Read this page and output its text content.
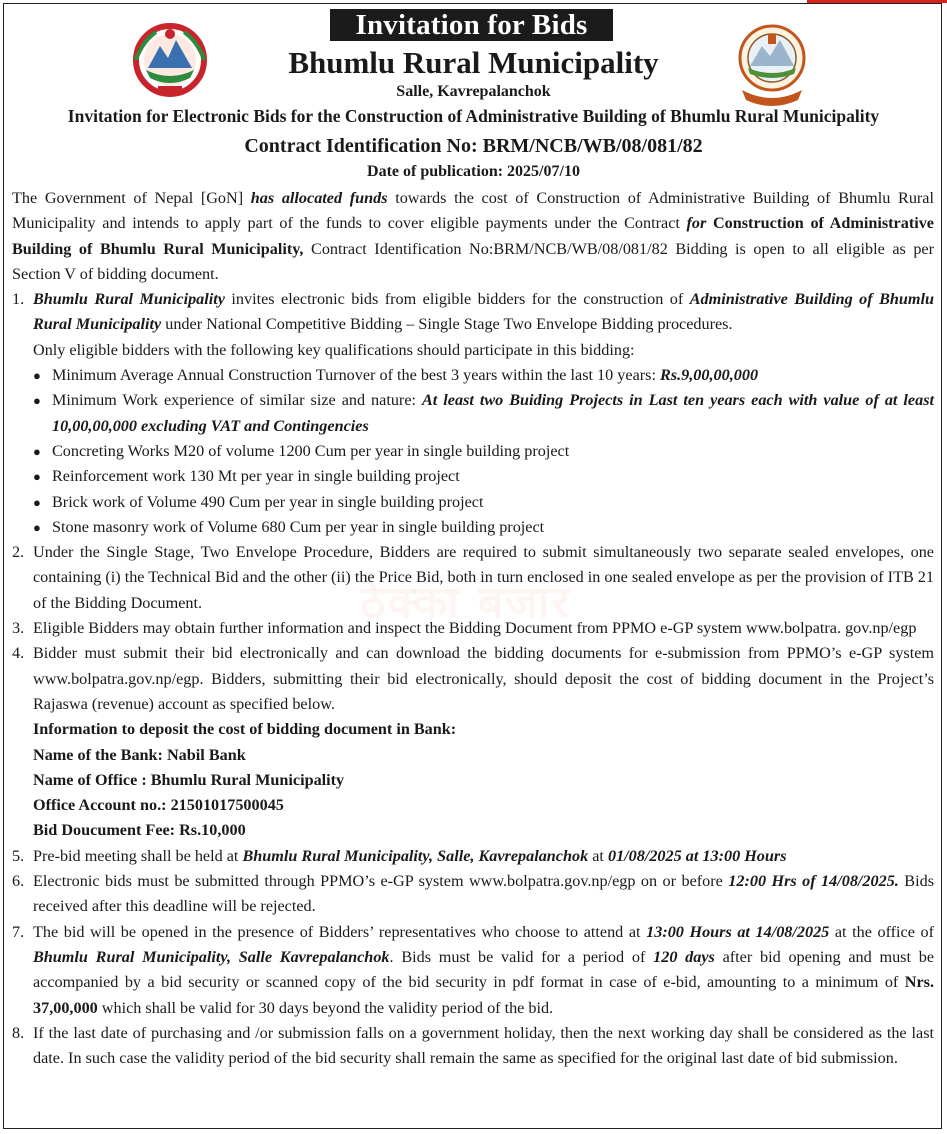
Invitation for Bids
Bhumlu Rural Municipality
Salle, Kavrepalanchok
Invitation for Electronic Bids for the Construction of Administrative Building of Bhumlu Rural Municipality
Contract Identification No: BRM/NCB/WB/08/081/82
Date of publication: 2025/07/10
ठेक्का बजार

The Government of Nepal [GoN] has allocated funds towards the cost of Construction of Administrative Building of Bhumlu Rural Municipality and intends to apply part of the funds to cover eligible payments under the Contract for Construction of Administrative Building of Bhumlu Rural Municipality, Contract Identification No:BRM/NCB/WB/08/081/82 Bidding is open to all eligible as per Section V of bidding document.

1. Bhumlu Rural Municipality invites electronic bids from eligible bidders for the construction of Administrative Building of Bhumlu Rural Municipality under National Competitive Bidding – Single Stage Two Envelope Bidding procedures.

Only eligible bidders with the following key qualifications should participate in this bidding:

● Minimum Average Annual Construction Turnover of the best 3 years within the last 10 years: Rs.9,00,00,000
● Minimum Work experience of similar size and nature: At least two Buiding Projects in Last ten years each with value of at least 10,00,00,000 excluding VAT and Contingencies
● Concreting Works M20 of volume 1200 Cum per year in single building project
● Reinforcement work 130 Mt per year in single building project
● Brick work of Volume 490 Cum per year in single building project
● Stone masonry work of Volume 680 Cum per year in single building project
2. Under the Single Stage, Two Envelope Procedure, Bidders are required to submit simultaneously two separate sealed envelopes, one containing (i) the Technical Bid and the other (ii) the Price Bid, both in turn enclosed in one sealed envelope as per the provision of ITB 21 of the Bidding Document.
3. Eligible Bidders may obtain further information and inspect the Bidding Document from PPMO e-GP system www.bolpatra. gov.np/egp
4. Bidder must submit their bid electronically and can download the bidding documents for e-submission from PPMO’s e-GP system www.bolpatra.gov.np/egp. Bidders, submitting their bid electronically, should deposit the cost of bidding document in the Project’s Rajaswa (revenue) account as specified below.

Information to deposit the cost of bidding document in Bank:

Name of the Bank: Nabil Bank

Name of Office : Bhumlu Rural Municipality

Office Account no.: 21501017500045

Bid Doucument Fee: Rs.10,000

5. Pre-bid meeting shall be held at Bhumlu Rural Municipality, Salle, Kavrepalanchok at 01/08/2025 at 13:00 Hours
6. Electronic bids must be submitted through PPMO’s e-GP system www.bolpatra.gov.np/egp on or before 12:00 Hrs of 14/08/2025. Bids received after this deadline will be rejected.
7. The bid will be opened in the presence of Bidders’ representatives who choose to attend at 13:00 Hours at 14/08/2025 at the office of Bhumlu Rural Municipality, Salle Kavrepalanchok. Bids must be valid for a period of 120 days after bid opening and must be accompanied by a bid security or scanned copy of the bid security in pdf format in case of e-bid, amounting to a minimum of Nrs. 37,00,000 which shall be valid for 30 days beyond the validity period of the bid.
8. If the last date of purchasing and /or submission falls on a government holiday, then the next working day shall be considered as the last date. In such case the validity period of the bid security shall remain the same as specified for the original last date of bid submission.
